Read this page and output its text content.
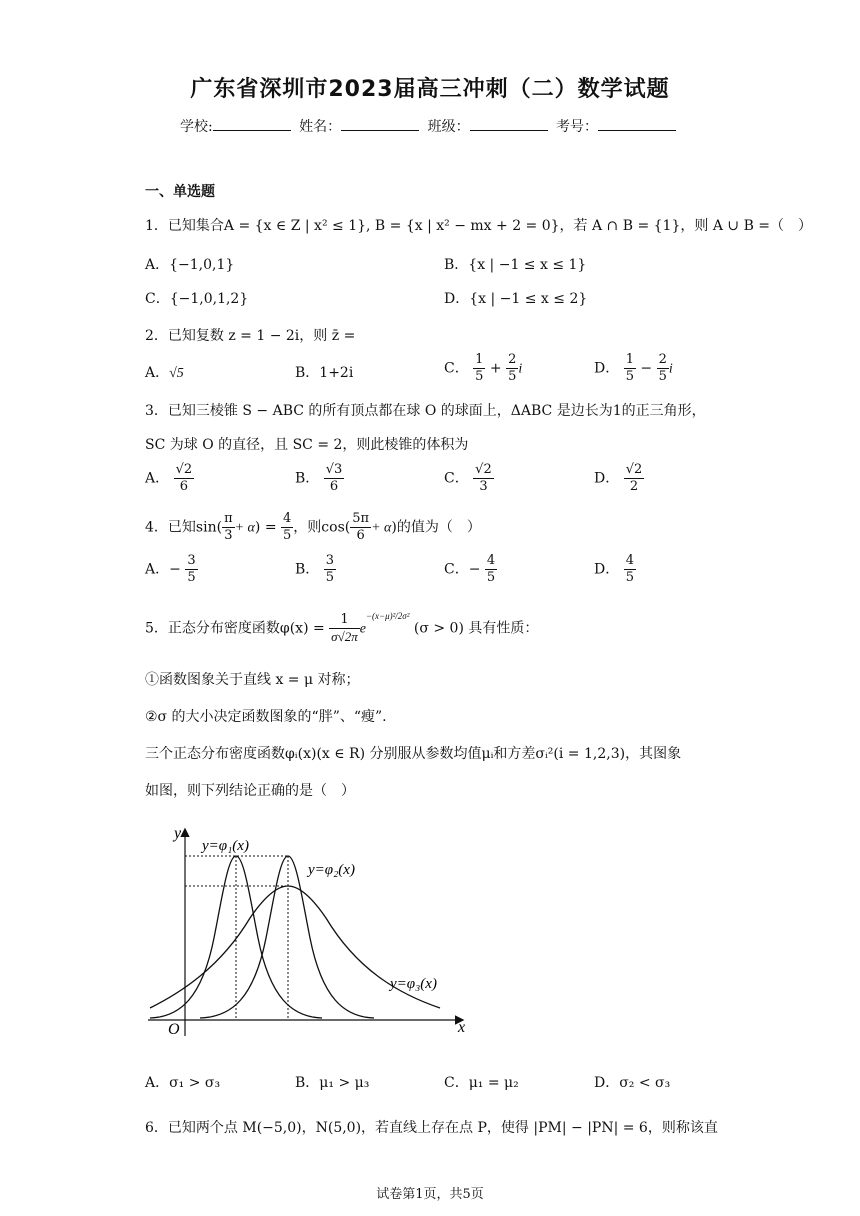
广东省深圳市2023届高三冲刺（二）数学试题
学校:	姓名：	班级：	考号：
一、单选题
1．已知集合A = {x ∈ Z | x² ≤ 1}, B = {x | x² − mx + 2 = 0}，若 A ∩ B = {1}，则 A ∪ B =（　）
A．{−1,0,1}	B．{x | −1 ≤ x ≤ 1}
C．{−1,0,1,2}	D．{x | −1 ≤ x ≤ 2}
2．已知复数 z = 1 − 2i，则 z̄ =
A．√5	B．1+2i	C． $\frac{1}{5} + \frac{2}{5}$ i	D． $\frac{1}{5} - \frac{2}{5}$ i
3．已知三棱锥 S − ABC 的所有顶点都在球 O 的球面上，ΔABC 是边长为1的正三角形，
SC 为球 O 的直径，且 SC = 2，则此棱锥的体积为
A． $\frac{√2}{6}$	B． $\frac{√3}{6}$	C． $\frac{√2}{3}$	D． $\frac{√2}{2}$
4．已知$\sin( \frac{\pi}{3} + \alpha) = \frac{4}{5}$ ，则$\cos( \frac{5\pi}{6} + \alpha)$的值为（　）
A．− $\frac{3}{5}$	B． $\frac{3}{5}$	C．− $\frac{4}{5}$	D． $\frac{4}{5}$
5．正态分布密度函数$\varphi(x) = \frac{1}{\sigma√2\pi} e^{-(x-\mu)^2/2\sigma^2}$ (σ > 0) 具有性质：
①函数图象关于直线 x = μ 对称；
②σ 的大小决定函数图象的“胖”、“瘦”.
三个正态分布密度函数φᵢ(x)(x ∈ R) 分别服从参数均值μᵢ和方差σᵢ²(i = 1,2,3)，其图象
如图，则下列结论正确的是（　）
y
x
O
y=φ₁(x)
y=φ₂(x)
y=φ₃(x)
A．σ₁ > σ₃	B．μ₁ > μ₃	C．μ₁ = μ₂	D．σ₂ < σ₃
6．已知两个点 M(−5,0)，N(5,0)，若直线上存在点 P，使得 |PM| − |PN| = 6，则称该直
试卷第1页，共5页
